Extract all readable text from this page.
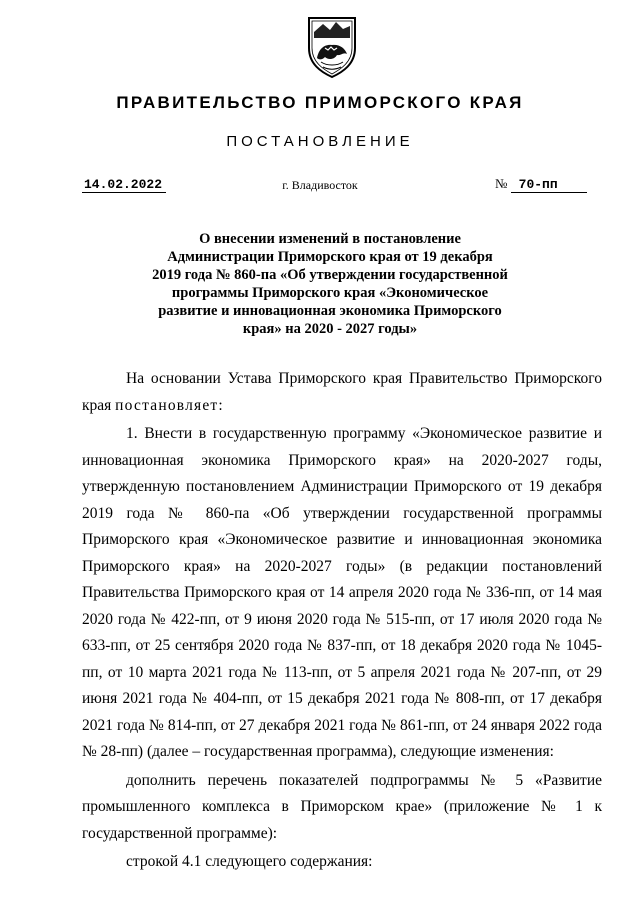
ПРАВИТЕЛЬСТВО ПРИМОРСКОГО КРАЯ
ПОСТАНОВЛЕНИЕ
14.02.2022	г. Владивосток	№ 70-пп
О внесении изменений в постановление
Администрации Приморского края от 19 декабря
2019 года № 860-па «Об утверждении государственной
программы Приморского края «Экономическое
развитие и инновационная экономика Приморского
края» на 2020 - 2027 годы»

На основании Устава Приморского края Правительство Приморского края постановляет:

1. Внести в государственную программу «Экономическое развитие и инновационная экономика Приморского края» на 2020-2027 годы, утвержденную постановлением Администрации Приморского от 19 декабря 2019 года № 860-па «Об утверждении государственной программы Приморского края «Экономическое развитие и инновационная экономика Приморского края» на 2020-2027 годы» (в редакции постановлений Правительства Приморского края от 14 апреля 2020 года № 336-пп, от 14 мая 2020 года № 422-пп, от 9 июня 2020 года № 515-пп, от 17 июля 2020 года № 633-пп, от 25 сентября 2020 года № 837-пп, от 18 декабря 2020 года № 1045-пп, от 10 марта 2021 года № 113-пп, от 5 апреля 2021 года № 207-пп, от 29 июня 2021 года № 404-пп, от 15 декабря 2021 года № 808-пп, от 17 декабря 2021 года № 814-пп, от 27 декабря 2021 года № 861-пп, от 24 января 2022 года № 28-пп) (далее – государственная программа), следующие изменения:

дополнить перечень показателей подпрограммы № 5 «Развитие промышленного комплекса в Приморском крае» (приложение № 1 к государственной программе):

строкой 4.1 следующего содержания:
